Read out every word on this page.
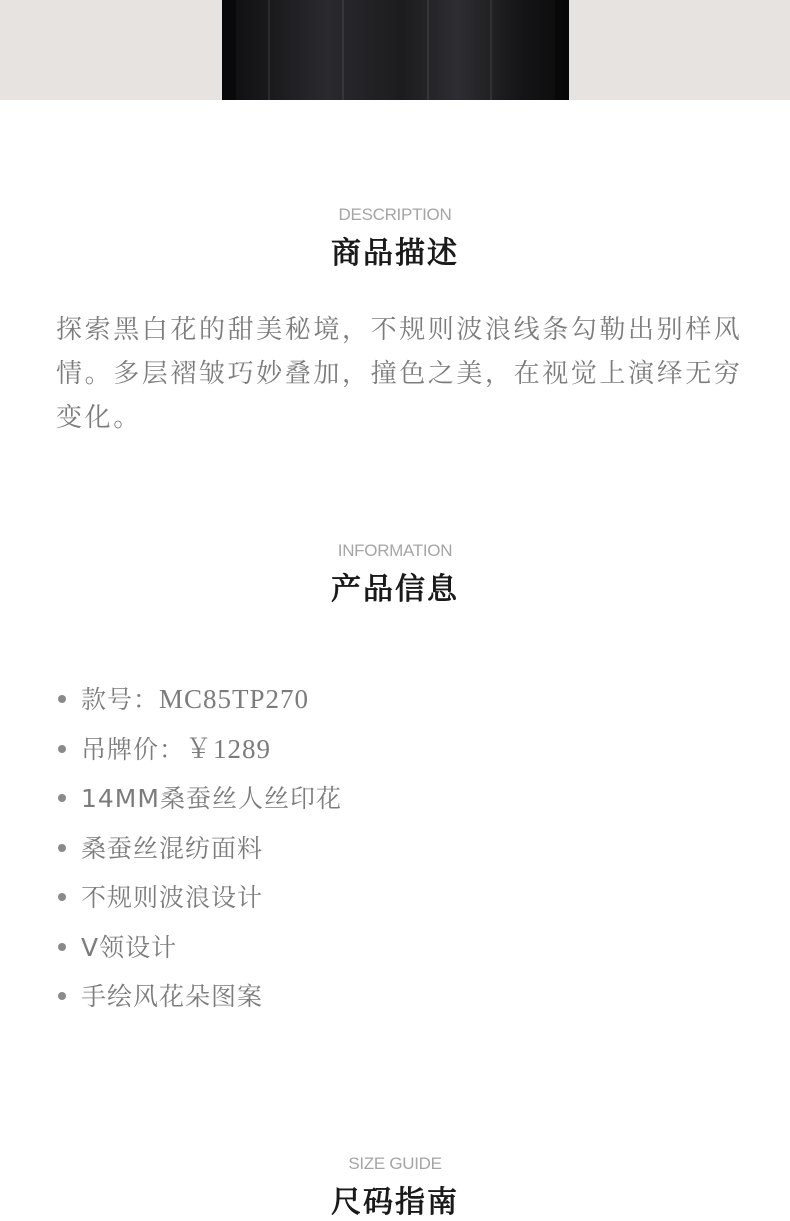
DESCRIPTION
商品描述

探索黑白花的甜美秘境，不规则波浪线条勾勒出别样风情。多层褶皱巧妙叠加，撞色之美，在视觉上演绎无穷变化。

INFORMATION
产品信息
款号：MC85TP270
吊牌价：￥1289
14MM桑蚕丝人丝印花
桑蚕丝混纺面料
不规则波浪设计
V领设计
手绘风花朵图案
SIZE GUIDE
尺码指南
